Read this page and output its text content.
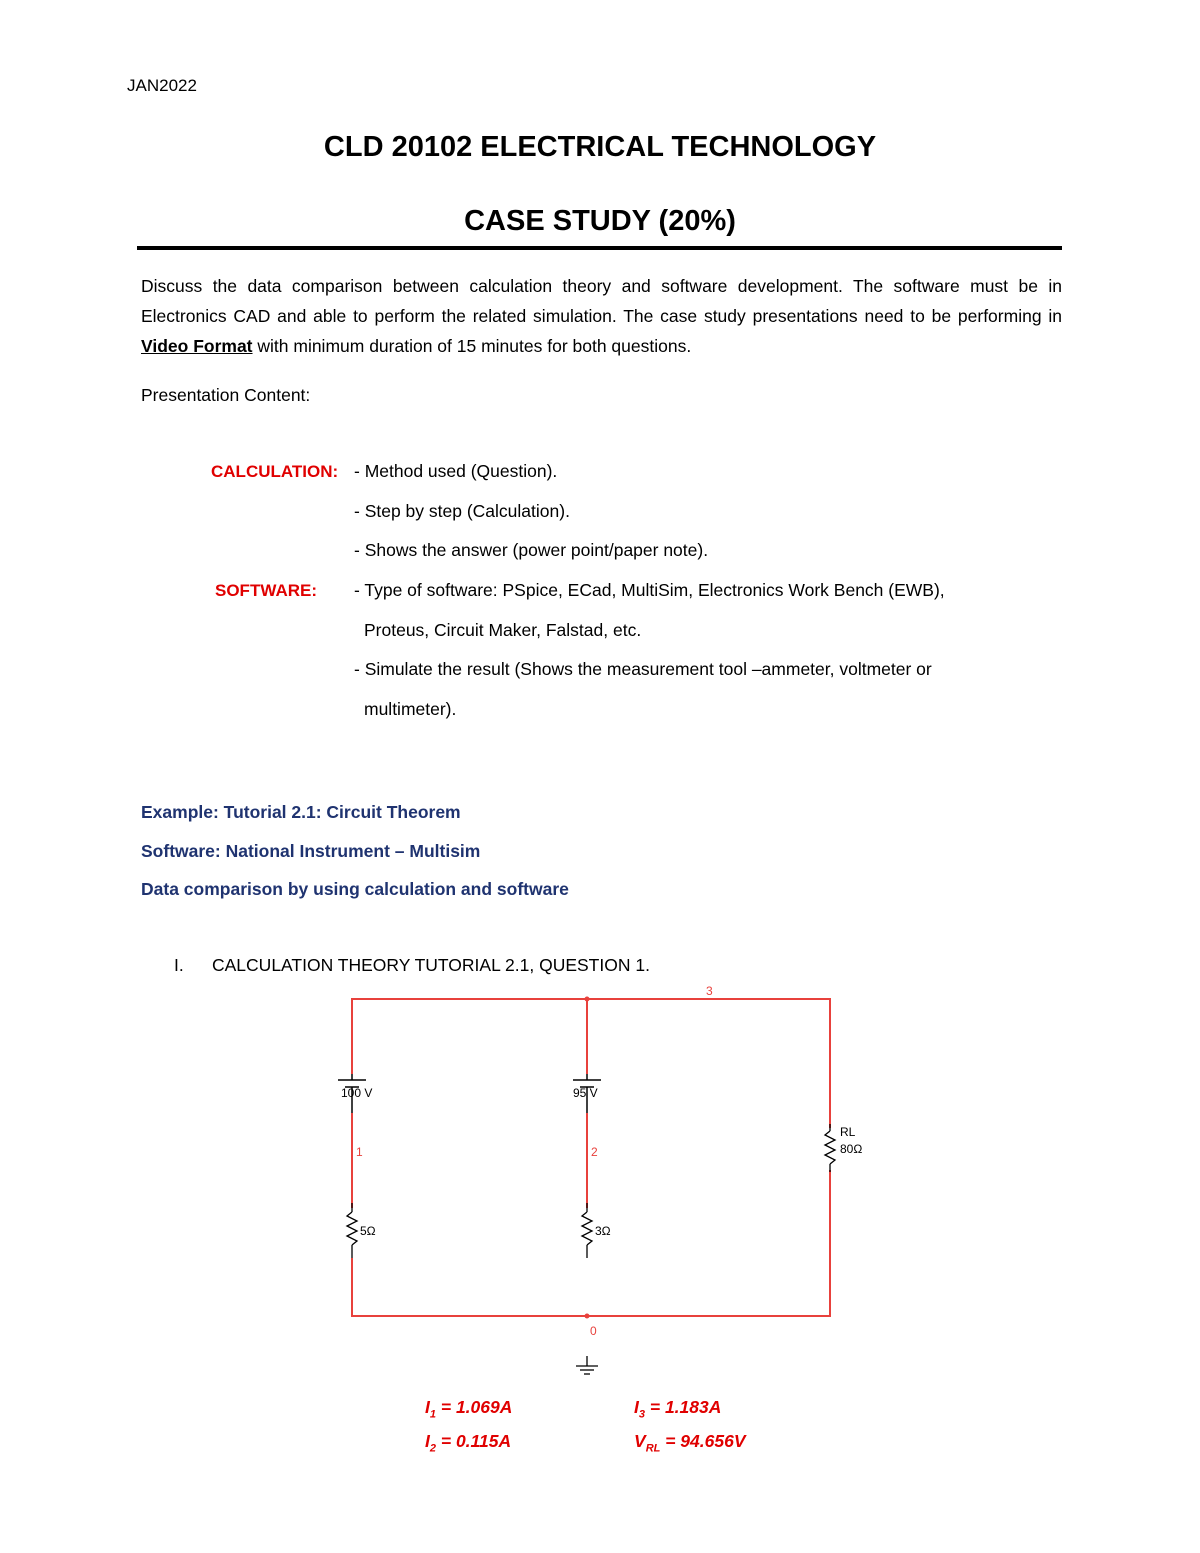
JAN2022
CLD 20102 ELECTRICAL TECHNOLOGY
CASE STUDY (20%)
Discuss the data comparison between calculation theory and software development. The software must be in Electronics CAD and able to perform the related simulation. The case study presentations need to be performing in Video Format with minimum duration of 15 minutes for both questions.
Presentation Content:
CALCULATION: - Method used (Question).
- Step by step (Calculation).
- Shows the answer (power point/paper note).
SOFTWARE: - Type of software: PSpice, ECad, MultiSim, Electronics Work Bench (EWB),
Proteus, Circuit Maker, Falstad, etc.
- Simulate the result (Shows the measurement tool –ammeter, voltmeter or
multimeter).
Example: Tutorial 2.1: Circuit Theorem
Software: National Instrument – Multisim
Data comparison by using calculation and software
I. CALCULATION THEORY TUTORIAL 2.1, QUESTION 1.
100 V	95 V
5Ω	3Ω
RL
80Ω
1	2
3
0
$I_1 = 1.069A$	$I_3 = 1.183A$
$I_2 = 0.115A$	$V_{RL} = 94.656V$
